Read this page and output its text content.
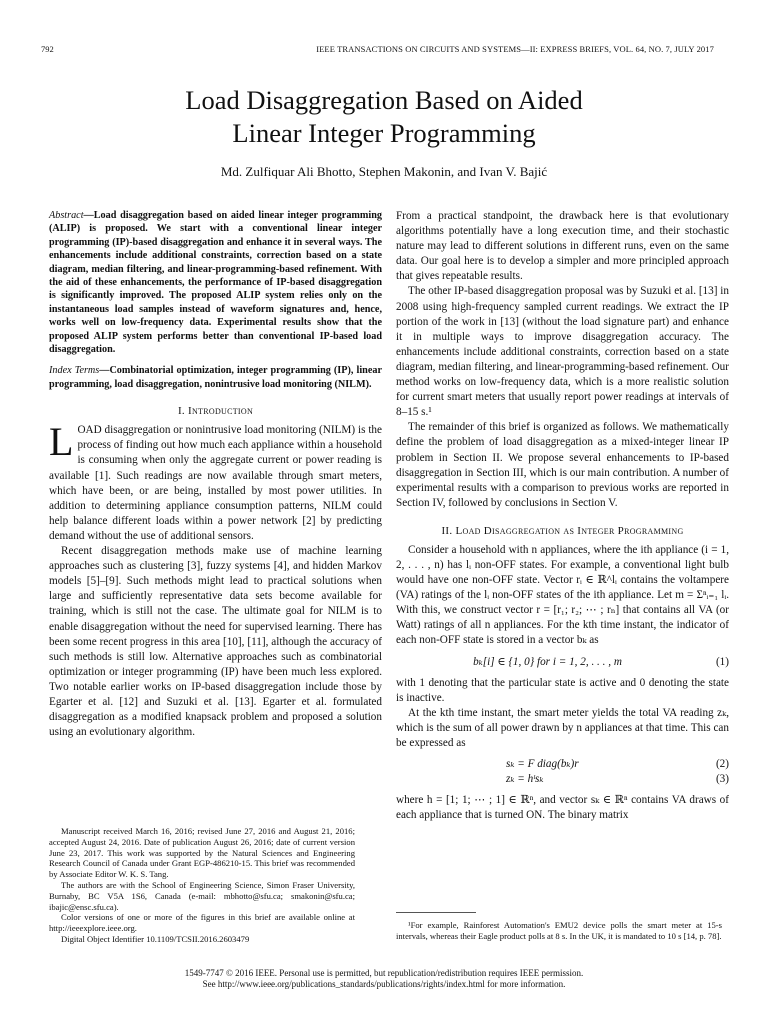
792	IEEE TRANSACTIONS ON CIRCUITS AND SYSTEMS—II: EXPRESS BRIEFS, VOL. 64, NO. 7, JULY 2017
Load Disaggregation Based on Aided
Linear Integer Programming
Md. Zulfiquar Ali Bhotto, Stephen Makonin, and Ivan V. Bajić

Abstract—Load disaggregation based on aided linear integer programming (ALIP) is proposed. We start with a conventional linear integer programming (IP)-based disaggregation and enhance it in several ways. The enhancements include additional constraints, correction based on a state diagram, median filtering, and linear-programming-based refinement. With the aid of these enhancements, the performance of IP-based disaggregation is significantly improved. The proposed ALIP system relies only on the instantaneous load samples instead of waveform signatures and, hence, works well on low-frequency data. Experimental results show that the proposed ALIP system performs better than conventional IP-based load disaggregation.

Index Terms—Combinatorial optimization, integer programming (IP), linear programming, load disaggregation, nonintrusive load monitoring (NILM).

I. Introduction

LOAD disaggregation or nonintrusive load monitoring (NILM) is the process of finding out how much each appliance within a household is consuming when only the aggregate current or power reading is available [1]. Such readings are now available through smart meters, which have been, or are being, installed by most power utilities. In addition to determining appliance consumption patterns, NILM could help balance different loads within a power network [2] by predicting demand without the use of additional sensors.

Recent disaggregation methods make use of machine learning approaches such as clustering [3], fuzzy systems [4], and hidden Markov models [5]–[9]. Such methods might lead to practical solutions when large and sufficiently representative data sets become available for training, which is still not the case. The ultimate goal for NILM is to enable disaggregation without the need for supervised learning. There has been some recent progress in this area [10], [11], although the accuracy of such methods is still low. Alternative approaches such as combinatorial optimization or integer programming (IP) have been much less explored. Two notable earlier works on IP-based disaggregation include those by Egarter et al. [12] and Suzuki et al. [13]. Egarter et al. formulated disaggregation as a modified knapsack problem and proposed a solution using an evolutionary algorithm.

Manuscript received March 16, 2016; revised June 27, 2016 and August 21, 2016; accepted August 24, 2016. Date of publication August 26, 2016; date of current version June 23, 2017. This work was supported by the Natural Sciences and Engineering Research Council of Canada under Grant EGP-486210-15. This brief was recommended by Associate Editor W. K. S. Tang.

The authors are with the School of Engineering Science, Simon Fraser University, Burnaby, BC V5A 1S6, Canada (e-mail: mbhotto@sfu.ca; smakonin@sfu.ca; ibajic@ensc.sfu.ca).

Color versions of one or more of the figures in this brief are available online at http://ieeexplore.ieee.org.

Digital Object Identifier 10.1109/TCSII.2016.2603479

From a practical standpoint, the drawback here is that evolutionary algorithms potentially have a long execution time, and their stochastic nature may lead to different solutions in different runs, even on the same data. Our goal here is to develop a simpler and more principled approach that gives repeatable results.

The other IP-based disaggregation proposal was by Suzuki et al. [13] in 2008 using high-frequency sampled current readings. We extract the IP portion of the work in [13] (without the load signature part) and enhance it in multiple ways to improve disaggregation accuracy. The enhancements include additional constraints, correction based on a state diagram, median filtering, and linear-programming-based refinement. Our method works on low-frequency data, which is a more realistic solution for current smart meters that usually report power readings at intervals of 8–15 s.¹

The remainder of this brief is organized as follows. We mathematically define the problem of load disaggregation as a mixed-integer linear IP problem in Section II. We propose several enhancements to IP-based disaggregation in Section III, which is our main contribution. A number of experimental results with a comparison to previous works are reported in Section IV, followed by conclusions in Section V.

II. Load Disaggregation as Integer Programming

Consider a household with n appliances, where the ith appliance (i = 1, 2, . . . , n) has lᵢ non-OFF states. For example, a conventional light bulb would have one non-OFF state. Vector rᵢ ∈ ℝ^lᵢ contains the voltampere (VA) ratings of the lᵢ non-OFF states of the ith appliance. Let m = Σⁿᵢ₌₁ lᵢ. With this, we construct vector r = [r₁; r₂; ⋯ ; rₙ] that contains all VA (or Watt) ratings of all n appliances. For the kth time instant, the indicator of each non-OFF state is stored in a vector bₖ as

bₖ[i] ∈ {1, 0} for i = 1, 2, . . . , m	(1)

with 1 denoting that the particular state is active and 0 denoting the state is inactive.

At the kth time instant, the smart meter yields the total VA reading zₖ, which is the sum of all power drawn by n appliances at that time. This can be expressed as

sₖ = F diag(bₖ)r	(2)
zₖ = hᵗsₖ	(3)

where h = [1; 1; ⋯ ; 1] ∈ ℝⁿ, and vector sₖ ∈ ℝⁿ contains VA draws of each appliance that is turned ON. The binary matrix

¹For example, Rainforest Automation's EMU2 device polls the smart meter at 15-s intervals, whereas their Eagle product polls at 8 s. In the UK, it is mandated to 10 s [14, p. 78].

1549-7747 © 2016 IEEE. Personal use is permitted, but republication/redistribution requires IEEE permission.
See http://www.ieee.org/publications_standards/publications/rights/index.html for more information.
